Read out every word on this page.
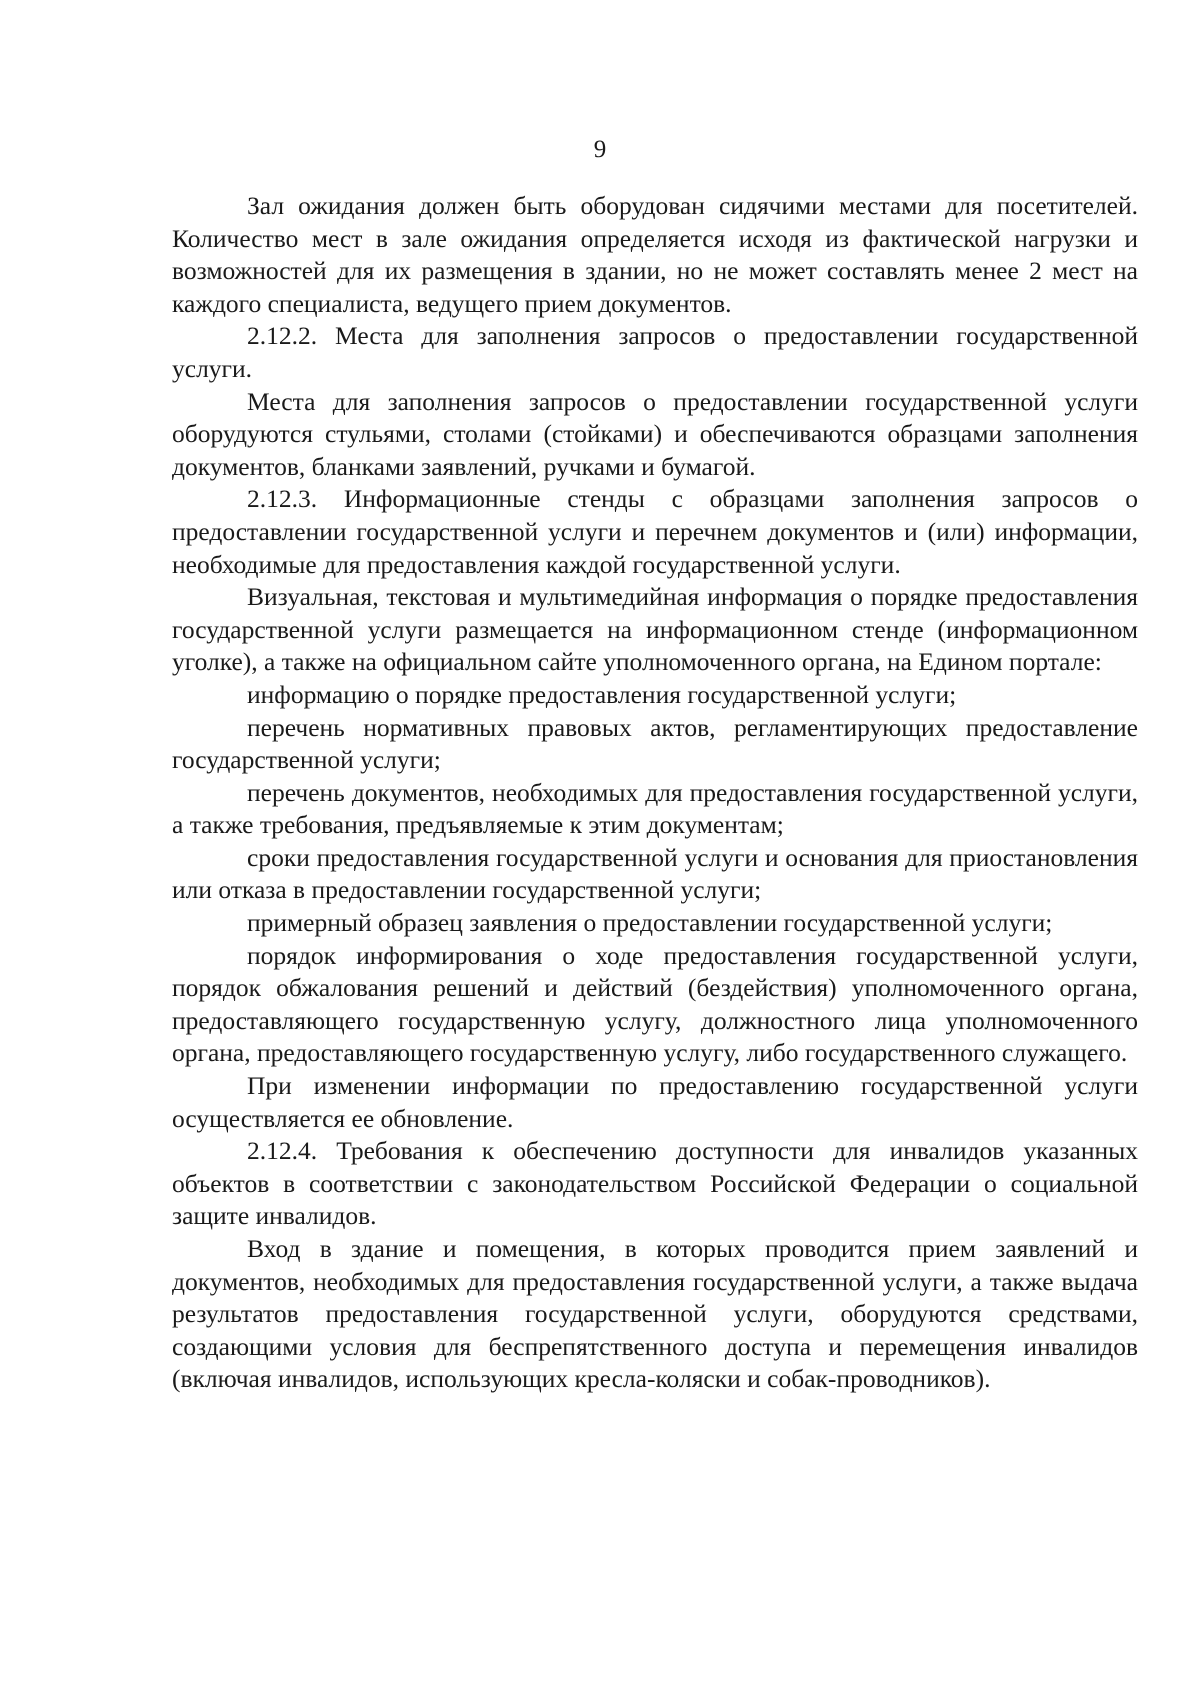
9

Зал ожидания должен быть оборудован сидячими местами для посетителей. Количество мест в зале ожидания определяется исходя из фактической нагрузки и возможностей для их размещения в здании, но не может составлять менее 2 мест на каждого специалиста, ведущего прием документов.

2.12.2. Места для заполнения запросов о предоставлении государственной услуги.

Места для заполнения запросов о предоставлении государственной услуги оборудуются стульями, столами (стойками) и обеспечиваются образцами заполнения документов, бланками заявлений, ручками и бумагой.

2.12.3. Информационные стенды с образцами заполнения запросов о предоставлении государственной услуги и перечнем документов и (или) информации, необходимые для предоставления каждой государственной услуги.

Визуальная, текстовая и мультимедийная информация о порядке предоставления государственной услуги размещается на информационном стенде (информационном уголке), а также на официальном сайте уполномоченного органа, на Едином портале:

информацию о порядке предоставления государственной услуги;

перечень нормативных правовых актов, регламентирующих предоставление государственной услуги;

перечень документов, необходимых для предоставления государственной услуги, а также требования, предъявляемые к этим документам;

сроки предоставления государственной услуги и основания для приостановления или отказа в предоставлении государственной услуги;

примерный образец заявления о предоставлении государственной услуги;

порядок информирования о ходе предоставления государственной услуги, порядок обжалования решений и действий (бездействия) уполномоченного органа, предоставляющего государственную услугу, должностного лица уполномоченного органа, предоставляющего государственную услугу, либо государственного служащего.

При изменении информации по предоставлению государственной услуги осуществляется ее обновление.

2.12.4. Требования к обеспечению доступности для инвалидов указанных объектов в соответствии с законодательством Российской Федерации о социальной защите инвалидов.

Вход в здание и помещения, в которых проводится прием заявлений и документов, необходимых для предоставления государственной услуги, а также выдача результатов предоставления государственной услуги, оборудуются средствами, создающими условия для беспрепятственного доступа и перемещения инвалидов (включая инвалидов, использующих кресла-коляски и собак-проводников).
